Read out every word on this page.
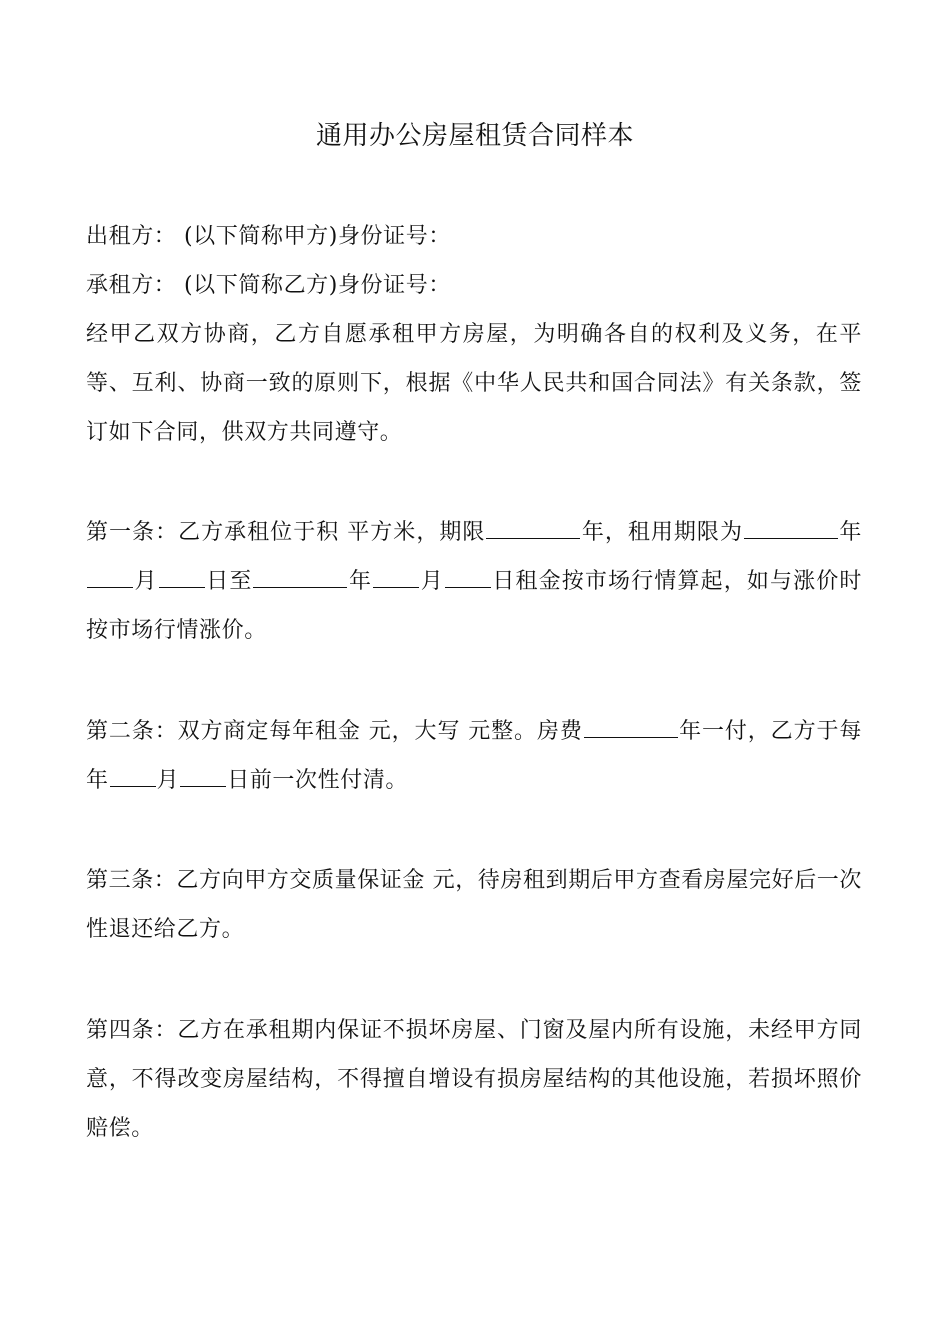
通用办公房屋租赁合同样本

出租方： (以下简称甲方)身份证号：

承租方： (以下简称乙方)身份证号：

经甲乙双方协商，乙方自愿承租甲方房屋，为明确各自的权利及义务，在平等、互利、协商一致的原则下，根据《中华人民共和国合同法》有关条款，签订如下合同，供双方共同遵守。

第一条：乙方承租位于积 平方米，期限	年，租用期限为	年月 日至	年 月 日租金按市场行情算起，如与涨价时按市场行情涨价。

第二条：双方商定每年租金 元，大写 元整。房费	年一付，乙方于每年 月 日前一次性付清。

第三条：乙方向甲方交质量保证金 元，待房租到期后甲方查看房屋完好后一次性退还给乙方。

第四条：乙方在承租期内保证不损坏房屋、门窗及屋内所有设施，未经甲方同意，不得改变房屋结构，不得擅自增设有损房屋结构的其他设施，若损坏照价赔偿。
